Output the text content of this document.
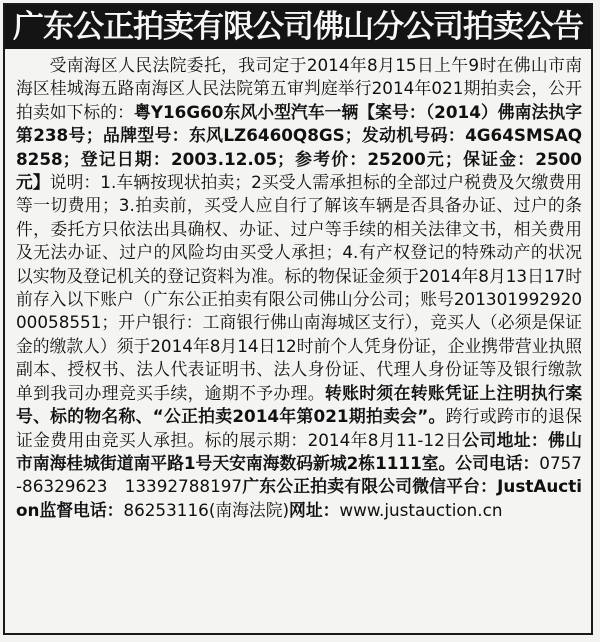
广东公正拍卖有限公司佛山分公司拍卖公告

受南海区人民法院委托，我司定于2014年8月15日上午9时在佛山市南海区桂城海五路南海区人民法院第五审判庭举行2014年021期拍卖会，公开拍卖如下标的：粤Y16G60东风小型汽车一辆【案号：（2014）佛南法执字第238号；品牌型号：东风LZ6460Q8GS；发动机号码：4G64SMSAQ8258；登记日期：2003.12.05；参考价：25200元；保证金：2500元】说明：1.车辆按现状拍卖；2买受人需承担标的全部过户税费及欠缴费用等一切费用；3.拍卖前，买受人应自行了解该车辆是否具备办证、过户的条件，委托方只依法出具确权、办证、过户等手续的相关法律文书，相关费用及无法办证、过户的风险均由买受人承担；4.有产权登记的特殊动产的状况以实物及登记机关的登记资料为准。标的物保证金须于2014年8月13日17时前存入以下账户（广东公正拍卖有限公司佛山分公司；账号20130199292000058551；开户银行：工商银行佛山南海城区支行），竞买人（必须是保证金的缴款人）须于2014年8月14日12时前个人凭身份证，企业携带营业执照副本、授权书、法人代表证明书、法人身份证、代理人身份证等及银行缴款单到我司办理竞买手续，逾期不予办理。转账时须在转账凭证上注明执行案号、标的物名称、“公正拍卖2014年第021期拍卖会”。跨行或跨市的退保证金费用由竞买人承担。标的展示期：2014年8月11-12日公司地址：佛山市南海桂城街道南平路1号天安南海数码新城2栋1111室。公司电话：0757-86329623　13392788197广东公正拍卖有限公司微信平台：JustAuction监督电话：86253116(南海法院)网址：www.justauction.cn
